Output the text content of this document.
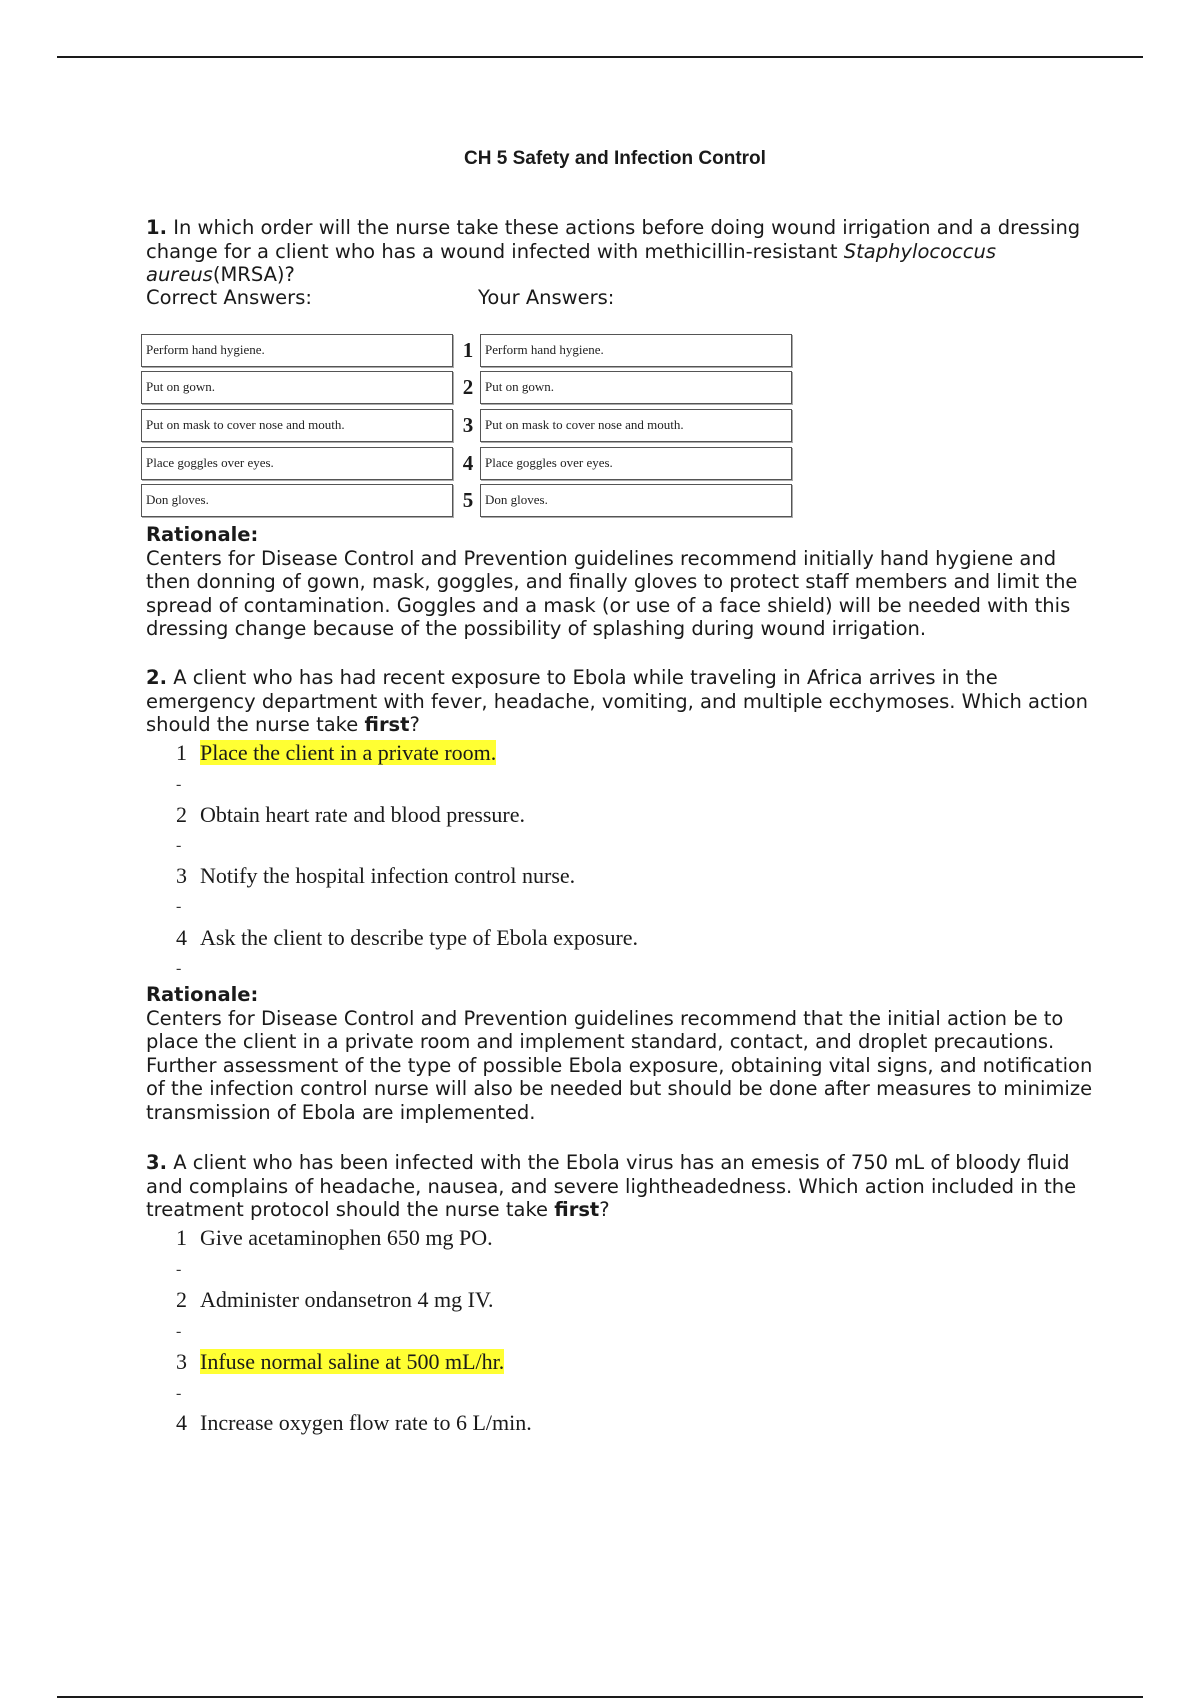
CH 5 Safety and Infection Control
1. In which order will the nurse take these actions before doing wound irrigation and a dressing change for a client who has a wound infected with methicillin-resistant Staphylococcus aureus(MRSA)?
Correct Answers:	Your Answers:
Perform hand hygiene.	1 Perform hand hygiene.
Put on gown.	2 Put on gown.
Put on mask to cover nose and mouth.	3 Put on mask to cover nose and mouth.
Place goggles over eyes.	4 Place goggles over eyes.
Don gloves.	5 Don gloves.
Rationale:
Centers for Disease Control and Prevention guidelines recommend initially hand hygiene and then donning of gown, mask, goggles, and finally gloves to protect staff members and limit the spread of contamination. Goggles and a mask (or use of a face shield) will be needed with this dressing change because of the possibility of splashing during wound irrigation.
2. A client who has had recent exposure to Ebola while traveling in Africa arrives in the emergency department with fever, headache, vomiting, and multiple ecchymoses. Which action should the nurse take first?
1 Place the client in a private room.
-
2 Obtain heart rate and blood pressure.
-
3 Notify the hospital infection control nurse.
-
4 Ask the client to describe type of Ebola exposure.
-
Rationale:
Centers for Disease Control and Prevention guidelines recommend that the initial action be to place the client in a private room and implement standard, contact, and droplet precautions. Further assessment of the type of possible Ebola exposure, obtaining vital signs, and notification of the infection control nurse will also be needed but should be done after measures to minimize transmission of Ebola are implemented.
3. A client who has been infected with the Ebola virus has an emesis of 750 mL of bloody fluid and complains of headache, nausea, and severe lightheadedness. Which action included in the treatment protocol should the nurse take first?
1 Give acetaminophen 650 mg PO.
-
2 Administer ondansetron 4 mg IV.
-
3 Infuse normal saline at 500 mL/hr.
-
4 Increase oxygen flow rate to 6 L/min.
